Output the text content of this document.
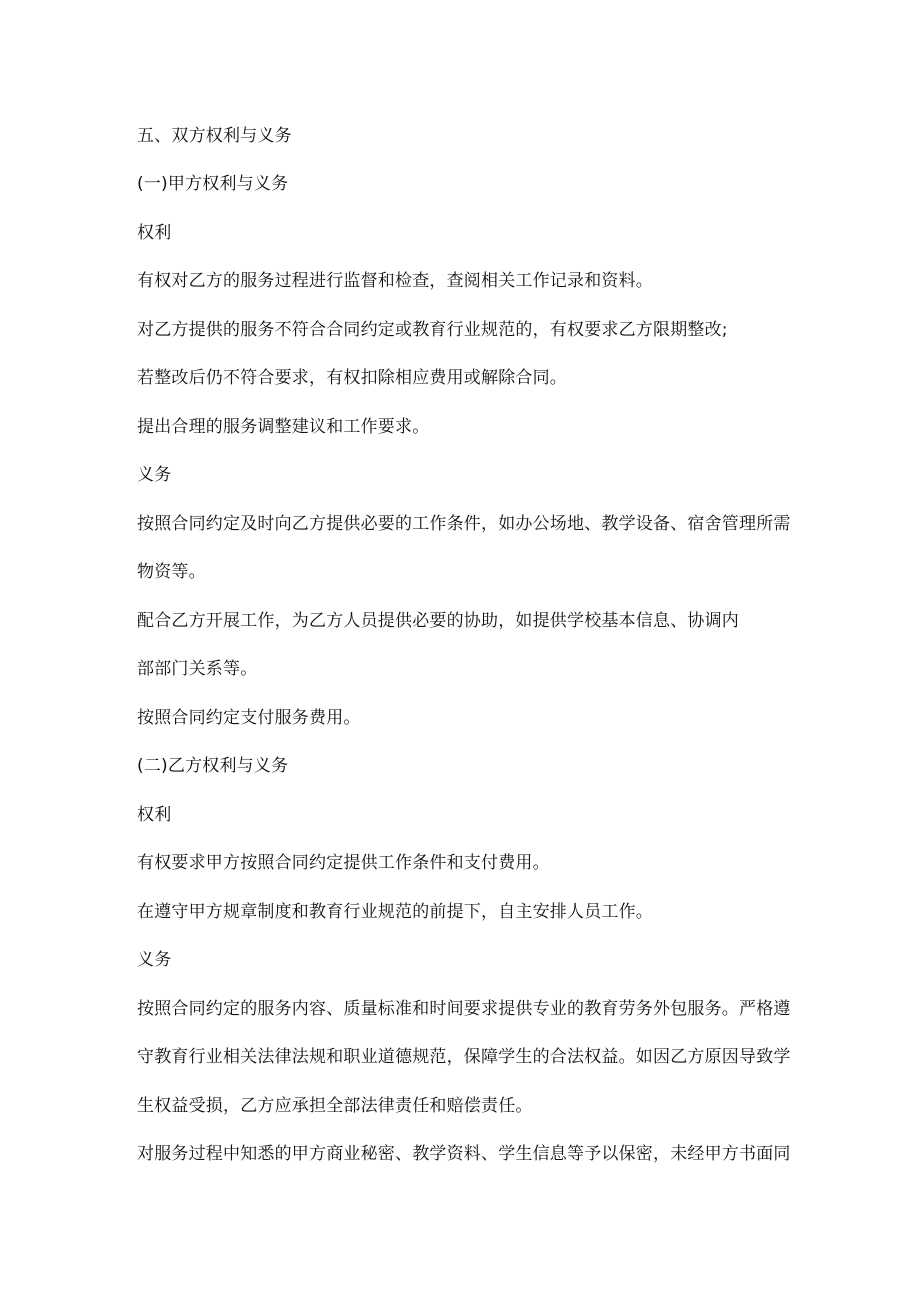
五、双方权利与义务
(一)甲方权利与义务
权利
有权对乙方的服务过程进行监督和检查，查阅相关工作记录和资料。
对乙方提供的服务不符合合同约定或教育行业规范的，有权要求乙方限期整改;
若整改后仍不符合要求，有权扣除相应费用或解除合同。
提出合理的服务调整建议和工作要求。
义务
按照合同约定及时向乙方提供必要的工作条件，如办公场地、教学设备、宿舍管理所需
物资等。
配合乙方开展工作，为乙方人员提供必要的协助，如提供学校基本信息、协调内
部部门关系等。
按照合同约定支付服务费用。
(二)乙方权利与义务
权利
有权要求甲方按照合同约定提供工作条件和支付费用。
在遵守甲方规章制度和教育行业规范的前提下，自主安排人员工作。
义务
按照合同约定的服务内容、质量标准和时间要求提供专业的教育劳务外包服务。严格遵
守教育行业相关法律法规和职业道德规范，保障学生的合法权益。如因乙方原因导致学
生权益受损，乙方应承担全部法律责任和赔偿责任。
对服务过程中知悉的甲方商业秘密、教学资料、学生信息等予以保密，未经甲方书面同
